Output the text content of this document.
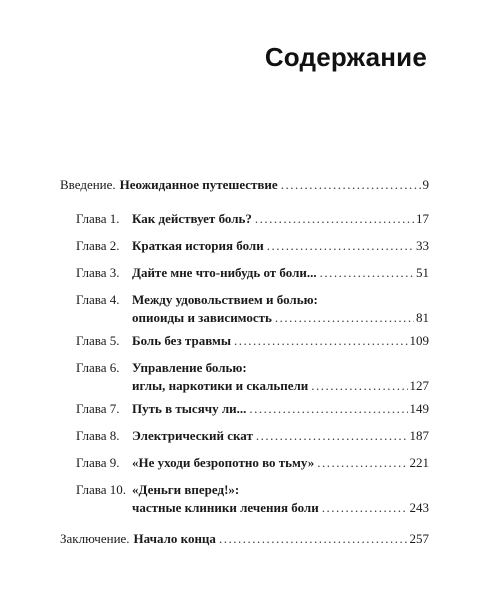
Содержание
Введение. Неожиданное путешествие .....	9
Глава 1. Как действует боль? .....	17
Глава 2. Краткая история боли .....	33
Глава 3. Дайте мне что-нибудь от боли... .....	51
Глава 4. Между удовольствием и болью:
опиоиды и зависимость .....	81
Глава 5. Боль без травмы .....	109
Глава 6. Управление болью:
иглы, наркотики и скальпели .....	127
Глава 7. Путь в тысячу ли... .....	149
Глава 8. Электрический скат .....	187
Глава 9. «Не уходи безропотно во тьму» .....	221
Глава 10. «Деньги вперед!»:
частные клиники лечения боли .....	243
Заключение. Начало конца .....	257
